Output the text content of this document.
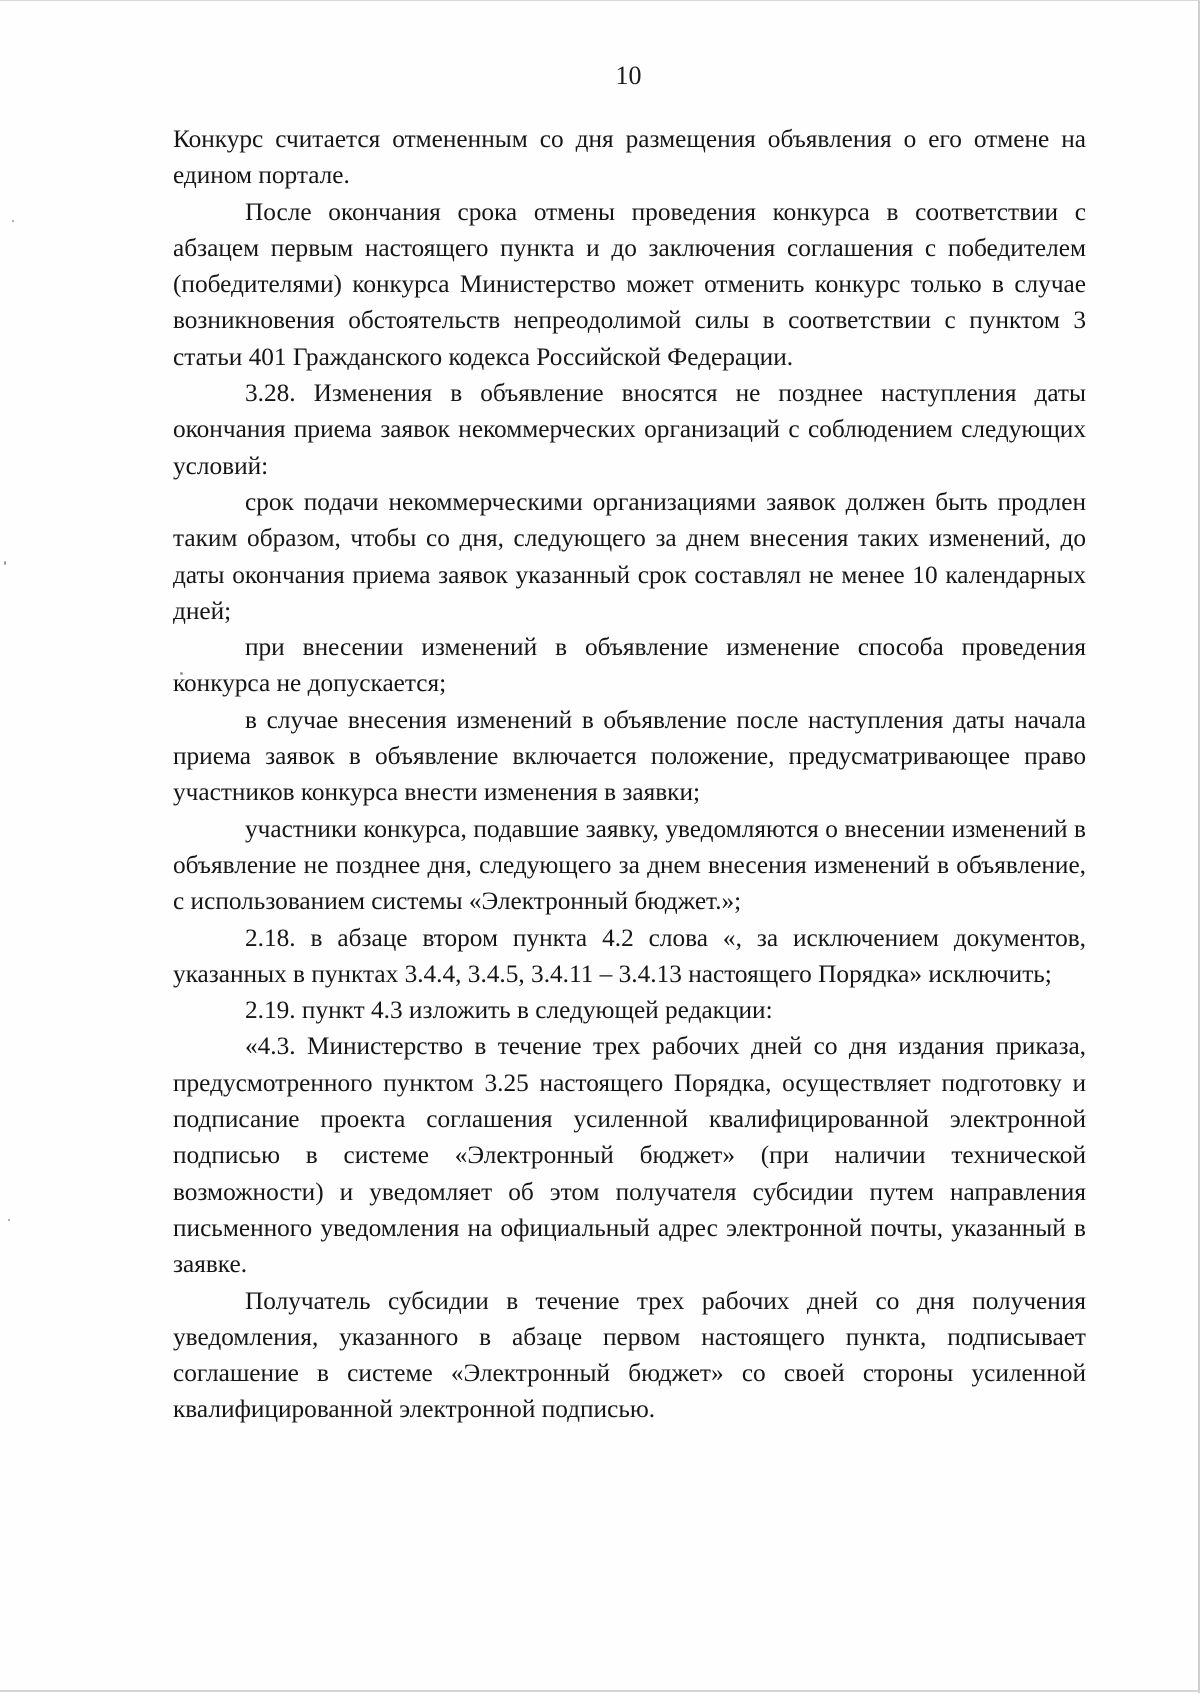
10

Конкурс считается отмененным со дня размещения объявления о его отмене на едином портале.

После окончания срока отмены проведения конкурса в соответствии с абзацем первым настоящего пункта и до заключения соглашения с победителем (победителями) конкурса Министерство может отменить конкурс только в случае возникновения обстоятельств непреодолимой силы в соответствии с пунктом 3 статьи 401 Гражданского кодекса Российской Федерации.

3.28. Изменения в объявление вносятся не позднее наступления даты окончания приема заявок некоммерческих организаций с соблюдением следующих условий:

срок подачи некоммерческими организациями заявок должен быть продлен таким образом, чтобы со дня, следующего за днем внесения таких изменений, до даты окончания приема заявок указанный срок составлял не менее 10 календарных дней;

при внесении изменений в объявление изменение способа проведения конкурса не допускается;

в случае внесения изменений в объявление после наступления даты начала приема заявок в объявление включается положение, предусматривающее право участников конкурса внести изменения в заявки;

участники конкурса, подавшие заявку, уведомляются о внесении изменений в объявление не позднее дня, следующего за днем внесения изменений в объявление, с использованием системы «Электронный бюджет.»;

2.18. в абзаце втором пункта 4.2 слова «, за исключением документов, указанных в пунктах 3.4.4, 3.4.5, 3.4.11 – 3.4.13 настоящего Порядка» исключить;

2.19. пункт 4.3 изложить в следующей редакции:

«4.3. Министерство в течение трех рабочих дней со дня издания приказа, предусмотренного пунктом 3.25 настоящего Порядка, осуществляет подготовку и подписание проекта соглашения усиленной квалифицированной электронной подписью в системе «Электронный бюджет» (при наличии технической возможности) и уведомляет об этом получателя субсидии путем направления письменного уведомления на официальный адрес электронной почты, указанный в заявке.

Получатель субсидии в течение трех рабочих дней со дня получения уведомления, указанного в абзаце первом настоящего пункта, подписывает соглашение в системе «Электронный бюджет» со своей стороны усиленной квалифицированной электронной подписью.
